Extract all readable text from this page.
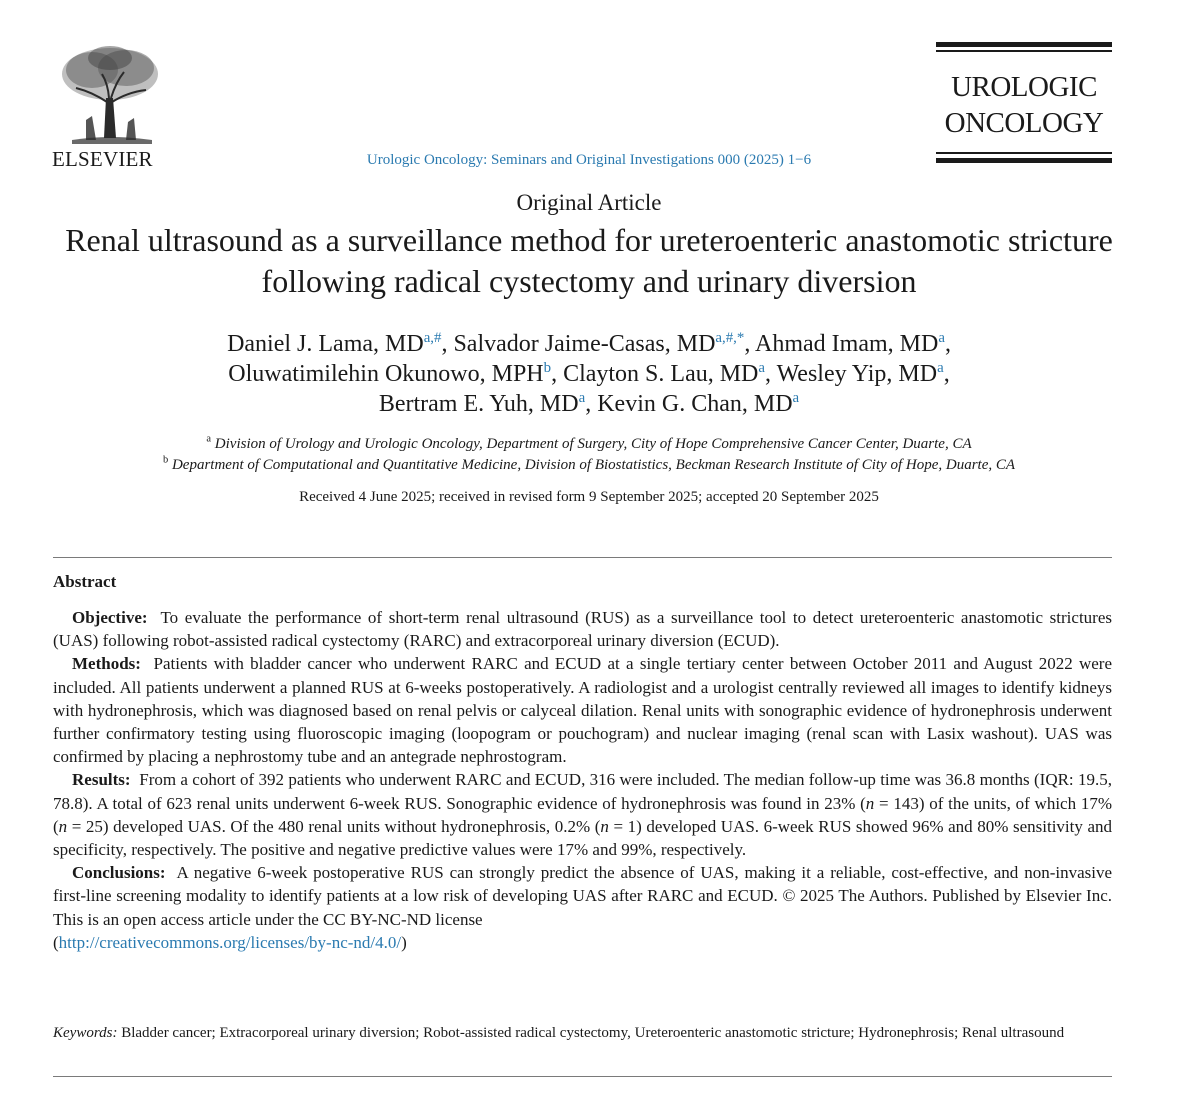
ELSEVIER	Urologic Oncology: Seminars and Original Investigations 000 (2025) 1−6
UROLOGIC
ONCOLOGY
Original Article
Renal ultrasound as a surveillance method for ureteroenteric anastomotic stricture following radical cystectomy and urinary diversion
Daniel J. Lama, $MD^{a,\#}$, Salvador Jaime-Casas, $MD^{a,\#,*}$, Ahmad Imam, $MD^a$,
Oluwatimilehin Okunowo, MPH$^b$, Clayton S. Lau, $MD^a$, Wesley Yip, $MD^a$,
Bertram E. Yuh, $MD^a$, Kevin G. Chan, $MD^a$
$^a$ Division of Urology and Urologic Oncology, Department of Surgery, City of Hope Comprehensive Cancer Center, Duarte, CA
$^b$ Department of Computational and Quantitative Medicine, Division of Biostatistics, Beckman Research Institute of City of Hope, Duarte, CA
Received 4 June 2025; received in revised form 9 September 2025; accepted 20 September 2025
Abstract

Objective: To evaluate the performance of short-term renal ultrasound (RUS) as a surveillance tool to detect ureteroenteric anastomotic strictures (UAS) following robot-assisted radical cystectomy (RARC) and extracorporeal urinary diversion (ECUD).

Methods: Patients with bladder cancer who underwent RARC and ECUD at a single tertiary center between October 2011 and August 2022 were included. All patients underwent a planned RUS at 6-weeks postoperatively. A radiologist and a urologist centrally reviewed all images to identify kidneys with hydronephrosis, which was diagnosed based on renal pelvis or calyceal dilation. Renal units with sonographic evidence of hydronephrosis underwent further confirmatory testing using fluoroscopic imaging (loopogram or pouchogram) and nuclear imaging (renal scan with Lasix washout). UAS was confirmed by placing a nephrostomy tube and an antegrade nephrostogram.

Results: From a cohort of 392 patients who underwent RARC and ECUD, 316 were included. The median follow-up time was 36.8 months (IQR: 19.5, 78.8). A total of 623 renal units underwent 6-week RUS. Sonographic evidence of hydronephrosis was found in 23% (n = 143) of the units, of which 17% (n = 25) developed UAS. Of the 480 renal units without hydronephrosis, 0.2% (n = 1) developed UAS. 6-week RUS showed 96% and 80% sensitivity and specificity, respectively. The positive and negative predictive values were 17% and 99%, respectively.

Conclusions: A negative 6-week postoperative RUS can strongly predict the absence of UAS, making it a reliable, cost-effective, and non-invasive first-line screening modality to identify patients at a low risk of developing UAS after RARC and ECUD. © 2025 The Authors. Published by Elsevier Inc. This is an open access article under the CC BY-NC-ND license
(http://creativecommons.org/licenses/by-nc-nd/4.0/)

Keywords: Bladder cancer; Extracorporeal urinary diversion; Robot-assisted radical cystectomy, Ureteroenteric anastomotic stricture; Hydronephrosis; Renal ultrasound
